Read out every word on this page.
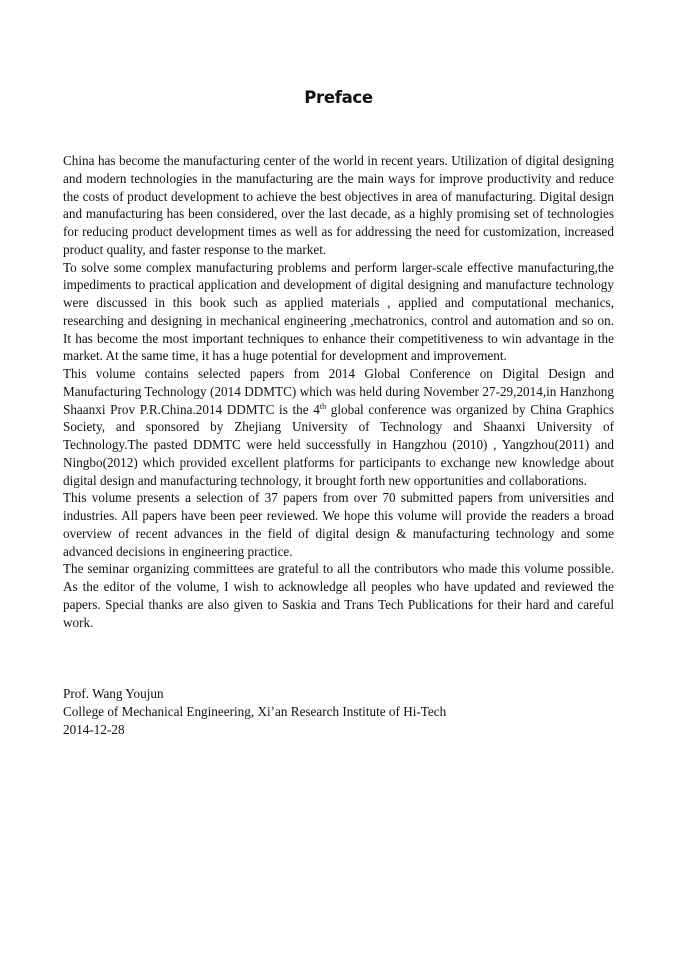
Preface

China has become the manufacturing center of the world in recent years. Utilization of digital designing and modern technologies in the manufacturing are the main ways for improve productivity and reduce the costs of product development to achieve the best objectives in area of manufacturing. Digital design and manufacturing has been considered, over the last decade, as a highly promising set of technologies for reducing product development times as well as for addressing the need for customization, increased product quality, and faster response to the market.

To solve some complex manufacturing problems and perform larger-scale effective manufacturing,the impediments to practical application and development of digital designing and manufacture technology were discussed in this book such as applied materials , applied and computational mechanics, researching and designing in mechanical engineering ,mechatronics, control and automation and so on. It has become the most important techniques to enhance their competitiveness to win advantage in the market. At the same time, it has a huge potential for development and improvement.

This volume contains selected papers from 2014 Global Conference on Digital Design and Manufacturing Technology (2014 DDMTC) which was held during November 27-29,2014,in Hanzhong Shaanxi Prov P.R.China.2014 DDMTC is the 4th global conference was organized by China Graphics Society, and sponsored by Zhejiang University of Technology and Shaanxi University of Technology.The pasted DDMTC were held successfully in Hangzhou (2010) , Yangzhou(2011) and Ningbo(2012) which provided excellent platforms for participants to exchange new knowledge about digital design and manufacturing technology, it brought forth new opportunities and collaborations.

This volume presents a selection of 37 papers from over 70 submitted papers from universities and industries. All papers have been peer reviewed. We hope this volume will provide the readers a broad overview of recent advances in the field of digital design & manufacturing technology and some advanced decisions in engineering practice.

The seminar organizing committees are grateful to all the contributors who made this volume possible. As the editor of the volume, I wish to acknowledge all peoples who have updated and reviewed the papers. Special thanks are also given to Saskia and Trans Tech Publications for their hard and careful work.

Prof. Wang Youjun
College of Mechanical Engineering, Xi’an Research Institute of Hi-Tech
2014-12-28
